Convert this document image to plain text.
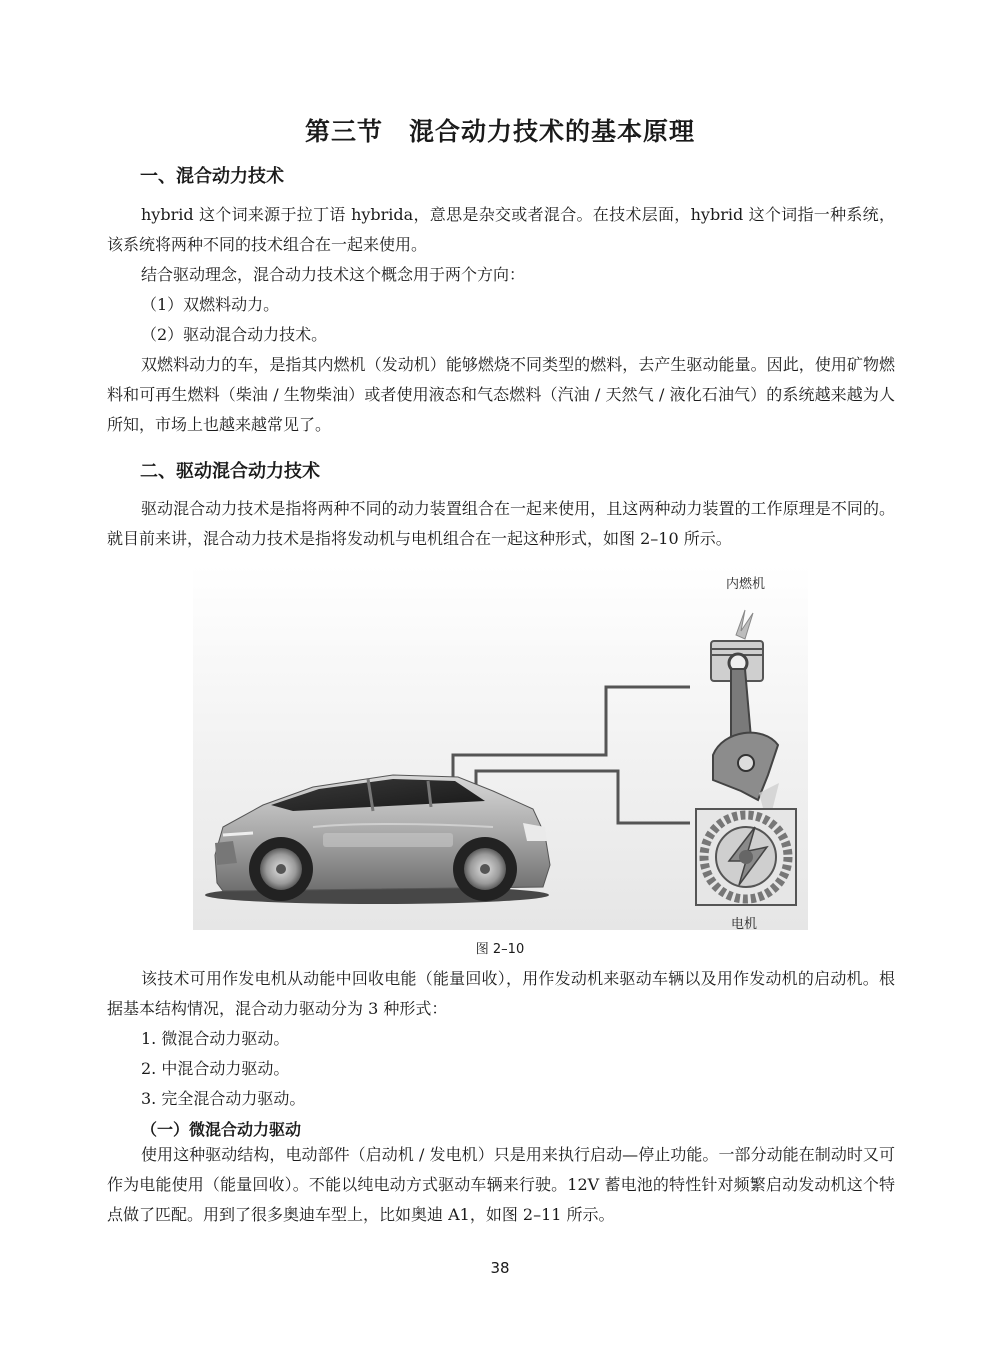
第三节　混合动力技术的基本原理
一、混合动力技术
hybrid 这个词来源于拉丁语 hybrida，意思是杂交或者混合。在技术层面，hybrid 这个词指一种系统，该系统将两种不同的技术组合在一起来使用。
结合驱动理念，混合动力技术这个概念用于两个方向：
（1）双燃料动力。
（2）驱动混合动力技术。
双燃料动力的车，是指其内燃机（发动机）能够燃烧不同类型的燃料，去产生驱动能量。因此，使用矿物燃料和可再生燃料（柴油 / 生物柴油）或者使用液态和气态燃料（汽油 / 天然气 / 液化石油气）的系统越来越为人所知，市场上也越来越常见了。
二、驱动混合动力技术
驱动混合动力技术是指将两种不同的动力装置组合在一起来使用，且这两种动力装置的工作原理是不同的。就目前来讲，混合动力技术是指将发动机与电机组合在一起这种形式，如图 2–10 所示。
内燃机
电机
图 2–10
该技术可用作发电机从动能中回收电能（能量回收），用作发动机来驱动车辆以及用作发动机的启动机。根据基本结构情况，混合动力驱动分为 3 种形式：
1. 微混合动力驱动。
2. 中混合动力驱动。
3. 完全混合动力驱动。
（一）微混合动力驱动
使用这种驱动结构，电动部件（启动机 / 发电机）只是用来执行启动—停止功能。一部分动能在制动时又可作为电能使用（能量回收）。不能以纯电动方式驱动车辆来行驶。12V 蓄电池的特性针对频繁启动发动机这个特点做了匹配。用到了很多奥迪车型上，比如奥迪 A1，如图 2–11 所示。
38
